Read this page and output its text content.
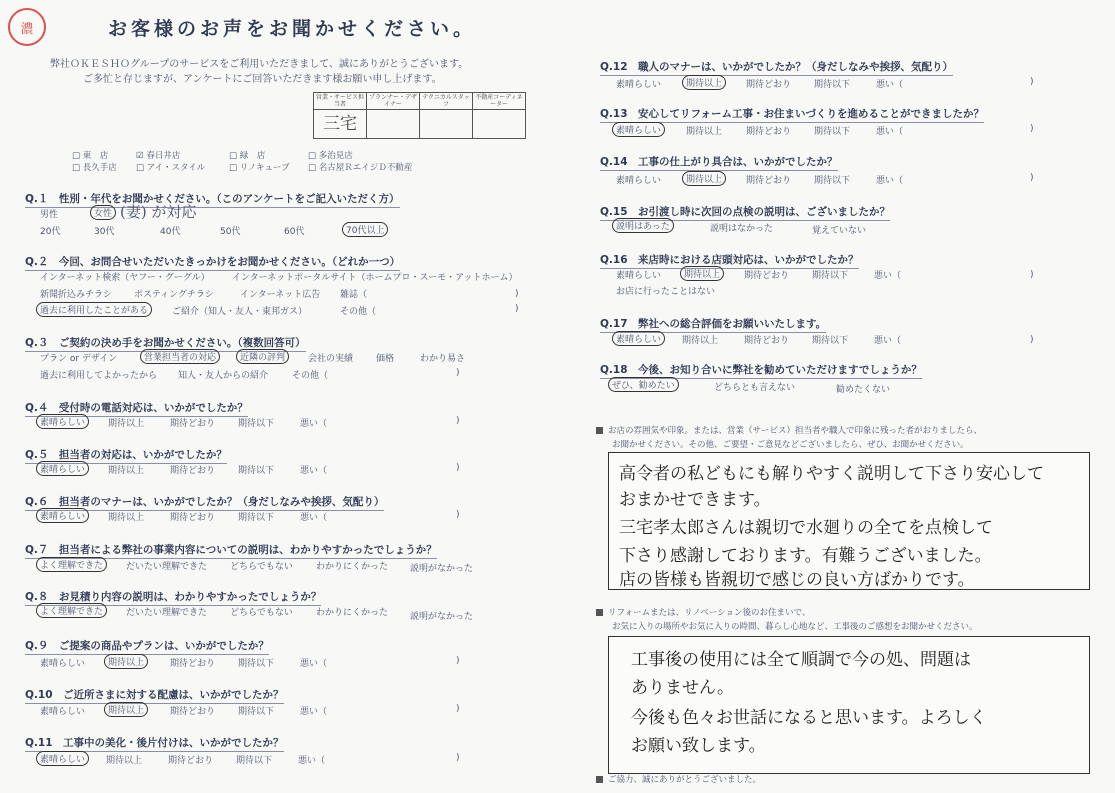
濃	お客様のお声をお聞かせください。
弊社ＯＫＥＳＨＯグループのサービスをご利用いただきまして、誠にありがとうございます。
ご多忙と存じますが、アンケートにご回答いただきます様お願い申し上げます。
営業・サービス担当者	プランナー・デザイナー	テクニカルスタッフ	不動産コーディネーター
三宅			
□ 東　店	☑ 春日井店	□ 緑　店	□ 多治見店
□ 長久手店 □ アイ・スタイル	□ リノキューブ □ 名古屋ＲエイジＤ不動産
Q.１　性別・年代をお聞かせください。（このアンケートをご記入いただく方）
男性	女性 (妻) が対応
20代	30代	40代	50代	60代	70代以上
Q.２　今回、お問合せいただいたきっかけをお聞かせください。（どれか一つ）
インターネット検索（ヤフー・グーグル） インターネットポータルサイト（ホームプロ・スーモ・アットホーム）
新聞折込みチラシ ポスティングチラシ	インターネット広告 雑誌（	)
過去に利用したことがある	ご紹介（知人・友人・東邦ガス）	その他（	)
Q.３　ご契約の決め手をお聞かせください。（複数回答可）
プラン or デザイン	営業担当者の対応	近隣の評判	会社の実績	価格	わかり易さ
過去に利用してよかったから 知人・友人からの紹介	その他（	)
Q.４　受付時の電話対応は、いかがでしたか？
素晴らしい	期待以上	期待どおり	期待以下	悪い（	)
Q.５　担当者の対応は、いかがでしたか？
素晴らしい	期待以上	期待どおり	期待以下	悪い（	)
Q.６　担当者のマナーは、いかがでしたか？（身だしなみや挨拶、気配り）
素晴らしい	期待以上	期待どおり	期待以下	悪い（	)
Q.７　担当者による弊社の事業内容についての説明は、わかりやすかったでしょうか？
よく理解できた	だいたい理解できた	どちらでもない	わかりにくかった 説明がなかった
Q.８　お見積り内容の説明は、わかりやすかったでしょうか？
よく理解できた	だいたい理解できた	どちらでもない	わかりにくかった 説明がなかった
Q.９　ご提案の商品やプランは、いかがでしたか？
素晴らしい	期待以上	期待どおり	期待以下	悪い（	)
Q.10　ご近所さまに対する配慮は、いかがでしたか？
素晴らしい	期待以上	期待どおり	期待以下	悪い（	)
Q.11　工事中の美化・後片付けは、いかがでしたか？
素晴らしい	期待以上	期待どおり	期待以下	悪い（	)
Q.12　職人のマナーは、いかがでしたか？（身だしなみや挨拶、気配り）
素晴らしい	期待以上	期待どおり	期待以下	悪い（	)
Q.13　安心してリフォーム工事・お住まいづくりを進めることができましたか？
素晴らしい	期待以上	期待どおり	期待以下	悪い（	)
Q.14　工事の仕上がり具合は、いかがでしたか？
素晴らしい	期待以上	期待どおり	期待以下	悪い（	)
Q.15　お引渡し時に次回の点検の説明は、ございましたか？
説明はあった	説明はなかった	覚えていない
Q.16　来店時における店頭対応は、いかがでしたか？
素晴らしい	期待以上	期待どおり	期待以下	悪い（	)
お店に行ったことはない
Q.17　弊社への総合評価をお願いいたします。
素晴らしい	期待以上	期待どおり	期待以下	悪い（	)
Q.18　今後、お知り合いに弊社を勧めていただけますでしょうか？
ぜひ、勧めたい	どちらとも言えない	勧めたくない
お店の雰囲気や印象。または、営業（サービス）担当者や職人で印象に残った者がおりましたら、
お聞かせください。その他、ご要望・ご意見などございましたら、ぜひ、お聞かせください。
高令者の私どもにも解りやすく説明して下さり安心して
おまかせできます。
三宅孝太郎さんは親切で水廻りの全てを点検して
下さり感謝しております。有難うございました。
店の皆様も皆親切で感じの良い方ばかりです。
リフォームまたは、リノベーション後のお住まいで、
お気に入りの場所やお気に入りの時間、暮らし心地など、工事後のご感想をお聞かせください。
工事後の使用には全て順調で今の処、問題は
ありません。
今後も色々お世話になると思います。よろしく
お願い致します。
ご協力、誠にありがとうございました。
